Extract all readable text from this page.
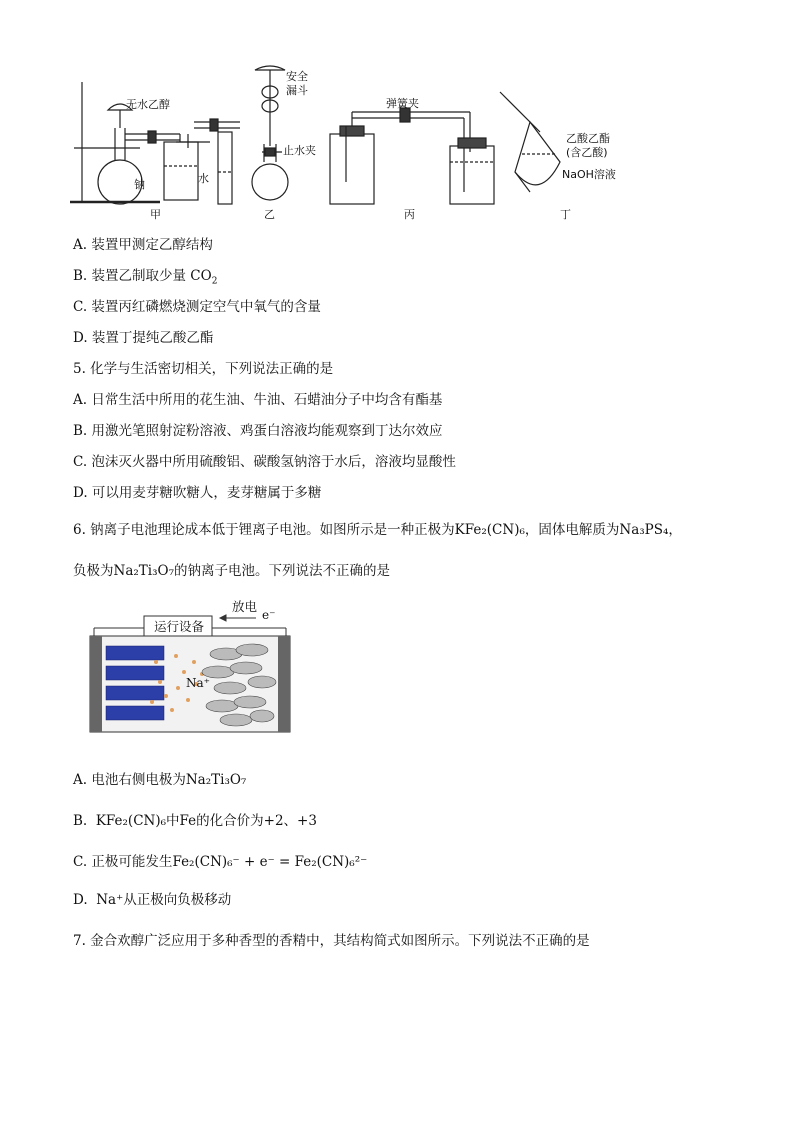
无水乙醇
钠	水
甲
安全
漏斗
止水夹
乙
弹簧夹
丙
乙酸乙酯
(含乙酸)
NaOH溶液
丁
A. 装置甲测定乙醇结构
B. 装置乙制取少量 $CO_2$
C. 装置丙红磷燃烧测定空气中氧气的含量
D. 装置丁提纯乙酸乙酯
5. 化学与生活密切相关，下列说法正确的是
A. 日常生活中所用的花生油、牛油、石蜡油分子中均含有酯基
B. 用激光笔照射淀粉溶液、鸡蛋白溶液均能观察到丁达尔效应
C. 泡沫灭火器中所用硫酸铝、碳酸氢钠溶于水后，溶液均显酸性
D. 可以用麦芽糖吹糖人，麦芽糖属于多糖
6. 钠离子电池理论成本低于锂离子电池。如图所示是一种正极为KFe₂(CN)₆，固体电解质为Na₃PS₄，
负极为Na₂Ti₃O₇的钠离子电池。下列说法不正确的是
运行设备
放电
e⁻
Na⁺
A. 电池右侧电极为Na₂Ti₃O₇
B. KFe₂(CN)₆中Fe的化合价为+2、+3
C. 正极可能发生Fe₂(CN)₆⁻ + e⁻ = Fe₂(CN)₆²⁻
D. Na⁺从正极向负极移动
7. 金合欢醇广泛应用于多种香型的香精中，其结构简式如图所示。下列说法不正确的是
